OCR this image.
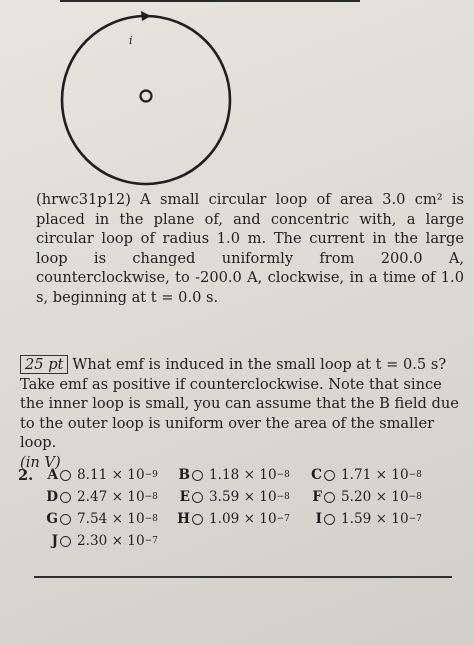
i
(hrwc31p12) A small circular loop of area 3.0 cm² is placed in the plane of, and concentric with, a large circular loop of radius 1.0 m. The current in the large loop is changed uniformly from 200.0 A, counterclockwise, to -200.0 A, clockwise, in a time of 1.0 s, beginning at t = 0.0 s.
25 pt What emf is induced in the small loop at t = 0.5 s? Take emf as positive if counterclockwise. Note that since the inner loop is small, you can assume that the B field due to the outer loop is uniform over the area of the smaller loop.
(in V)
2.	A 8.11 × 10 −9 B 1.18 × 10 −8 C 1.71 × 10 −8
D 2.47 × 10 −8 E 3.59 × 10 −8	F 5.20 × 10 −8
G 7.54 × 10 −8 H 1.09 × 10 −7	I 1.59 × 10 −7
J 2.30 × 10 −7
